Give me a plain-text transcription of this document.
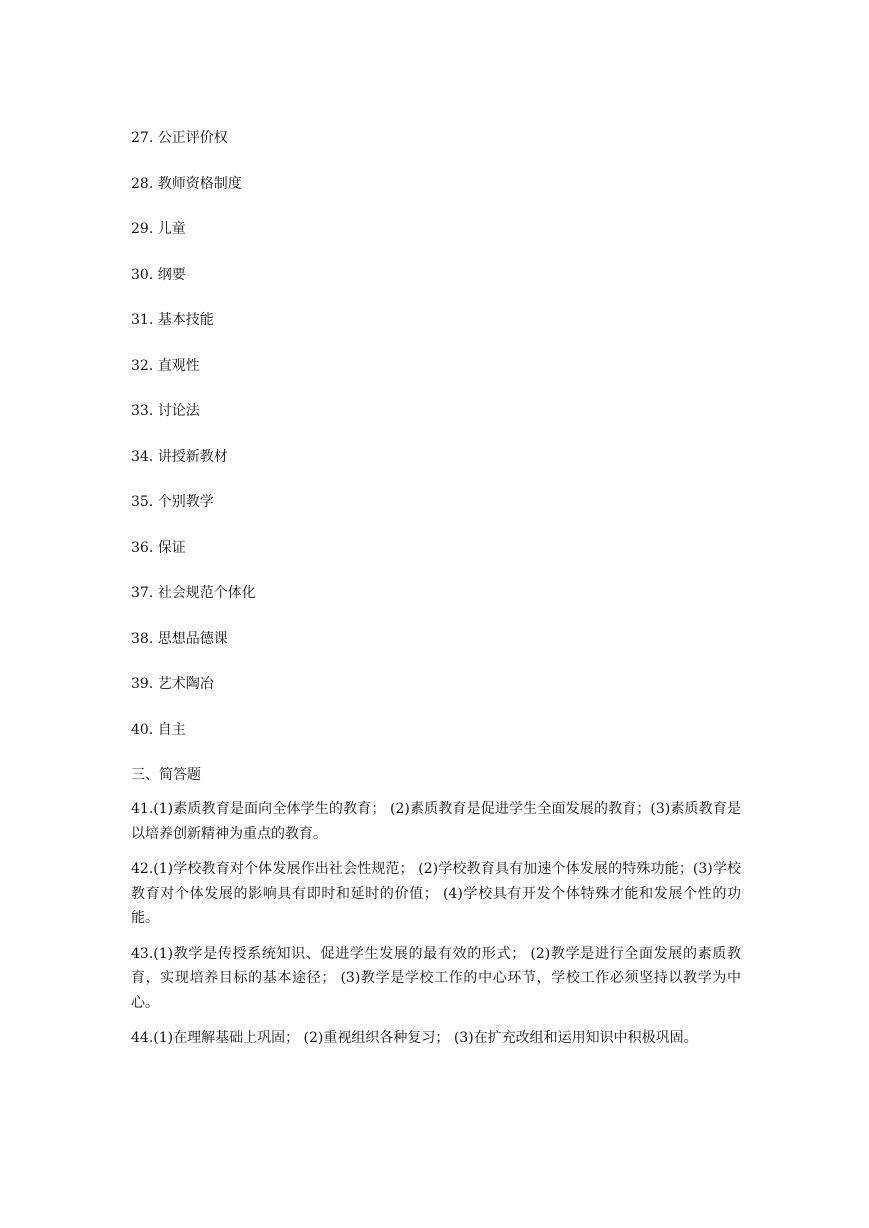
27. 公正评价权
28. 教师资格制度
29. 儿童
30. 纲要
31. 基本技能
32. 直观性
33. 讨论法
34. 讲授新教材
35. 个别教学
36. 保证
37. 社会规范个体化
38. 思想品德课
39. 艺术陶冶
40. 自主
三、简答题
41.(1)素质教育是面向全体学生的教育； (2)素质教育是促进学生全面发展的教育；(3)素质教育是以培养创新精神为重点的教育。
42.(1)学校教育对个体发展作出社会性规范； (2)学校教育具有加速个体发展的特殊功能；(3)学校教育对个体发展的影响具有即时和延时的价值； (4)学校具有开发个体特殊才能和发展个性的功能。
43.(1)教学是传授系统知识、促进学生发展的最有效的形式； (2)教学是进行全面发展的素质教育，实现培养目标的基本途径； (3)教学是学校工作的中心环节，学校工作必须坚持以教学为中心。
44.(1)在理解基础上巩固； (2)重视组织各种复习； (3)在扩充改组和运用知识中积极巩固。
